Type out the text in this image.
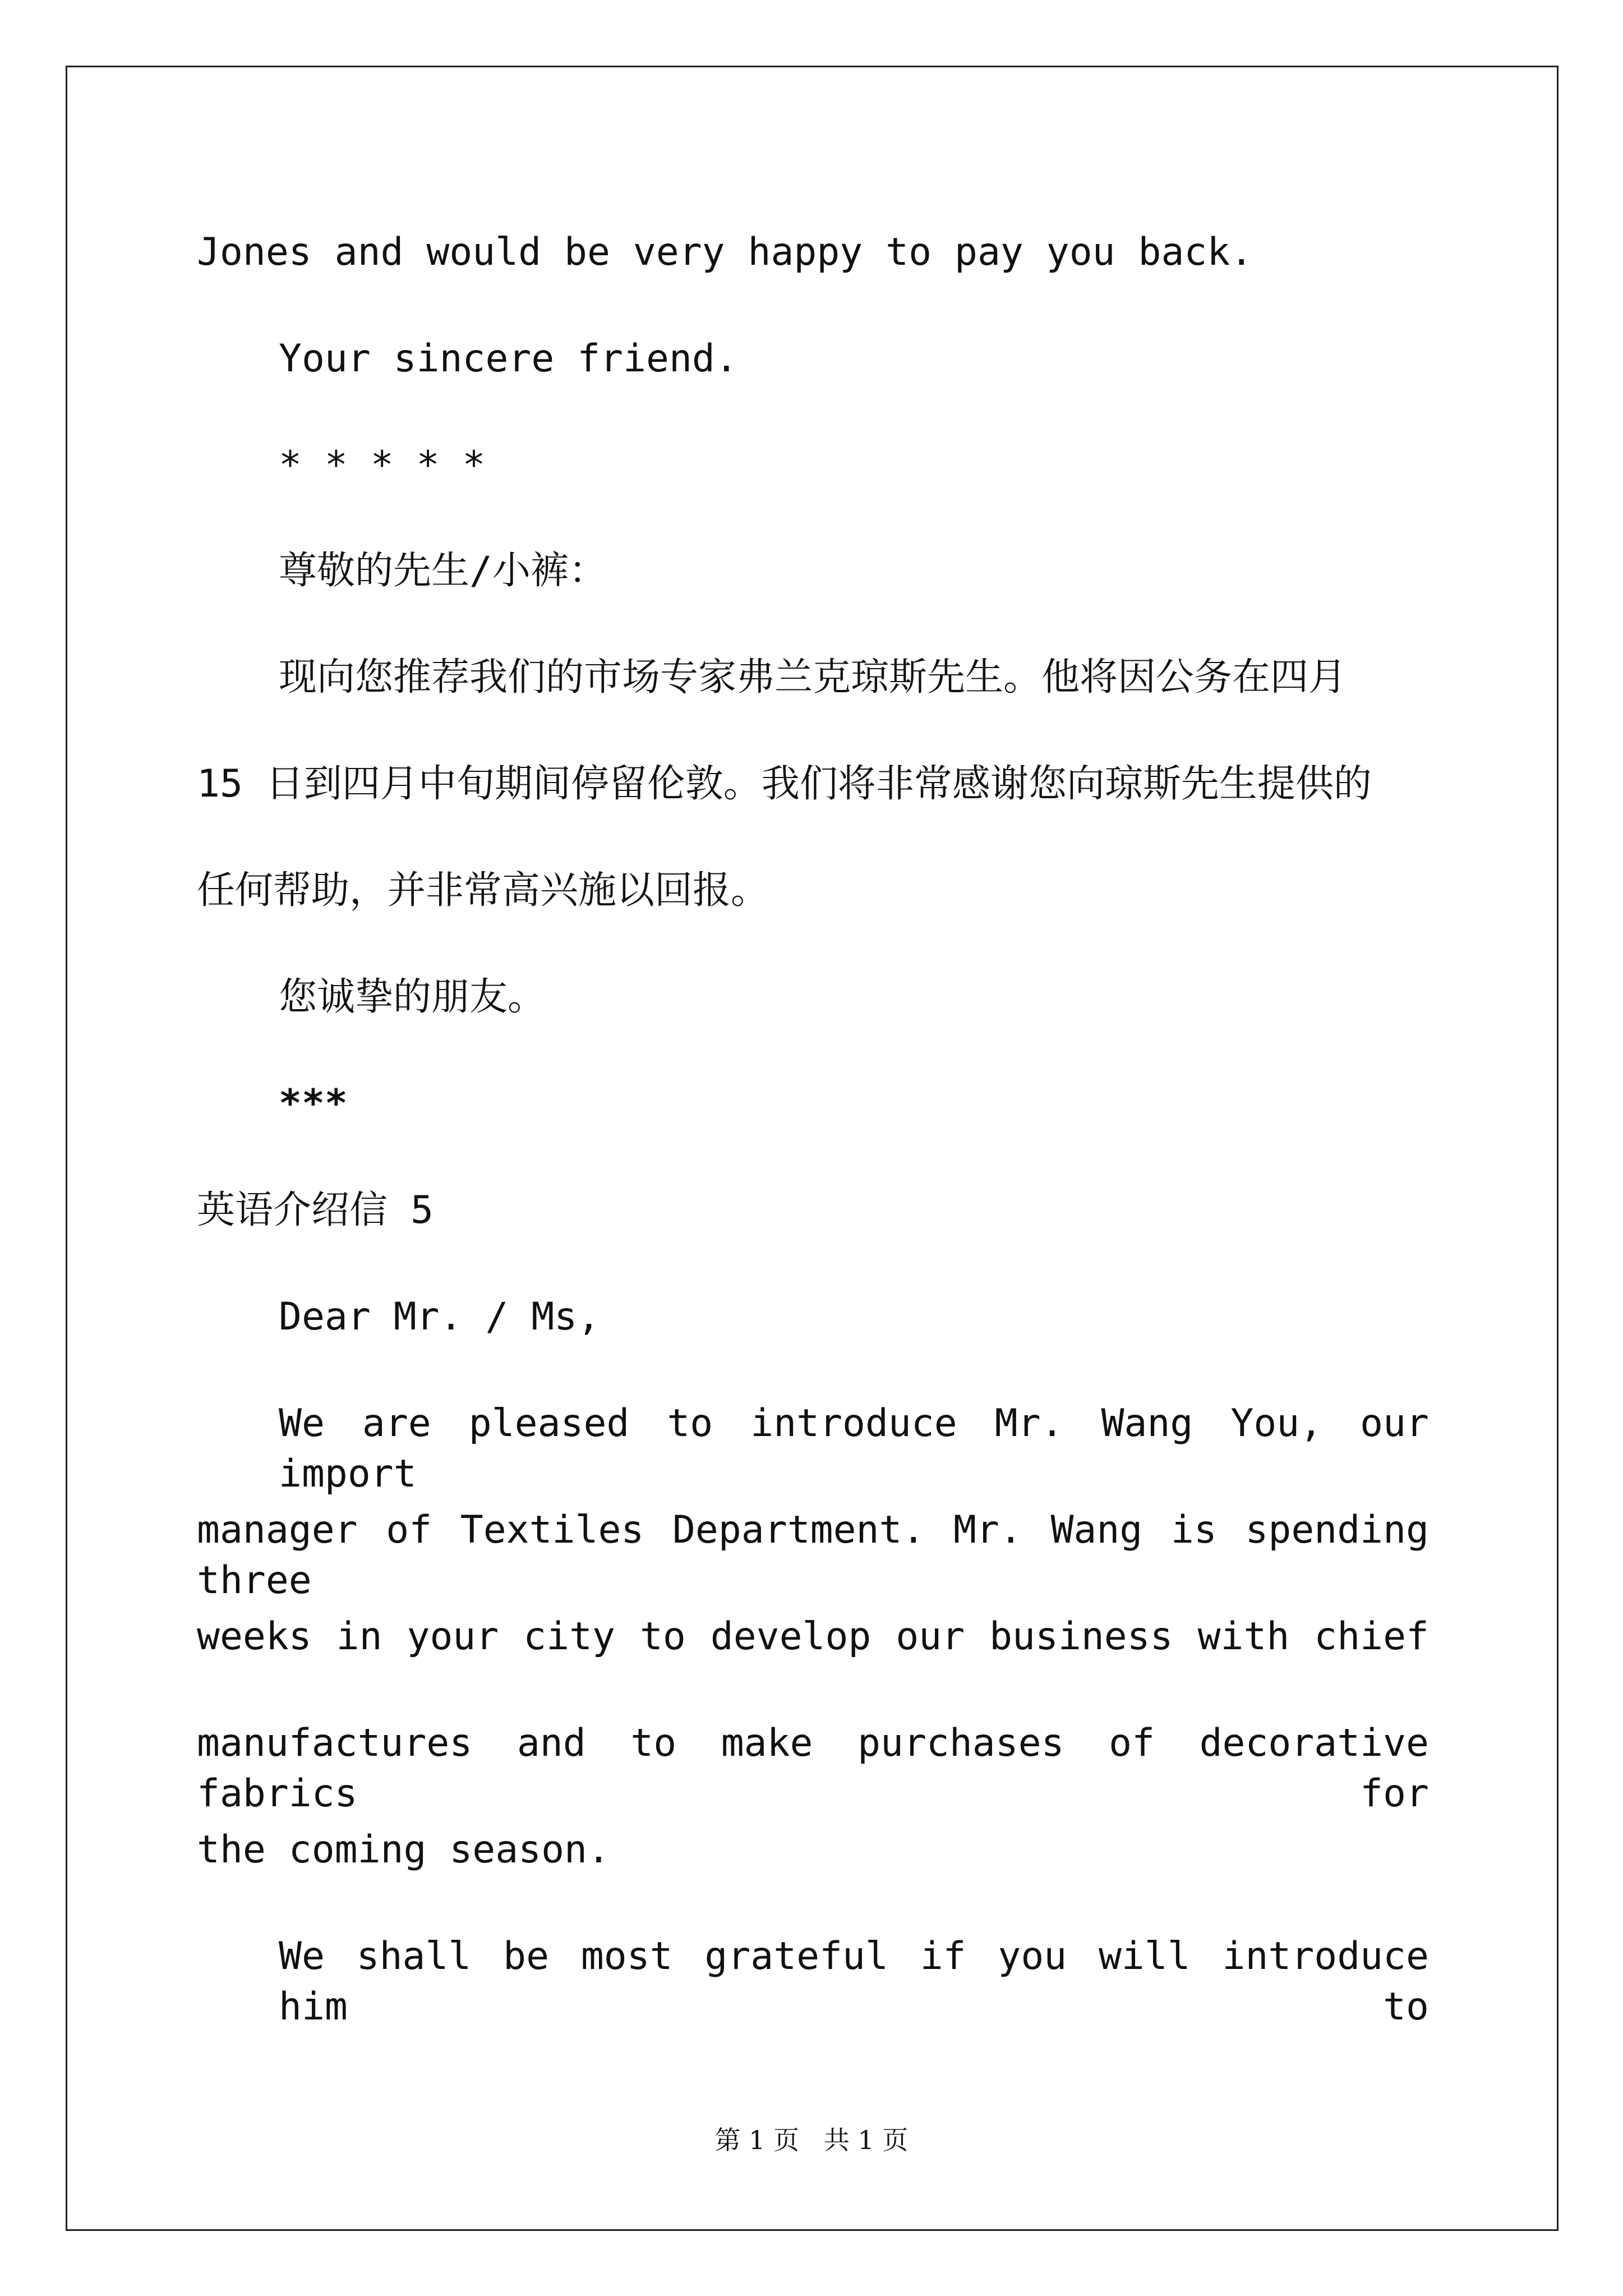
Jones and would be very happy to pay you back.
Your sincere friend.
* * * * *
尊敬的先生/小裤：
现向您推荐我们的市场专家弗兰克琼斯先生。他将因公务在四月
15 日到四月中旬期间停留伦敦。我们将非常感谢您向琼斯先生提供的
任何帮助，并非常高兴施以回报。
您诚挚的朋友。
***
英语介绍信 5
Dear Mr. / Ms,
We are pleased to introduce Mr. Wang You, our import
manager of Textiles Department. Mr. Wang is spending three
weeks in your city to develop our business with chief
manufactures and to make purchases of decorative fabrics for
the coming season.
We shall be most grateful if you will introduce him to
第 1 页   共 1 页
